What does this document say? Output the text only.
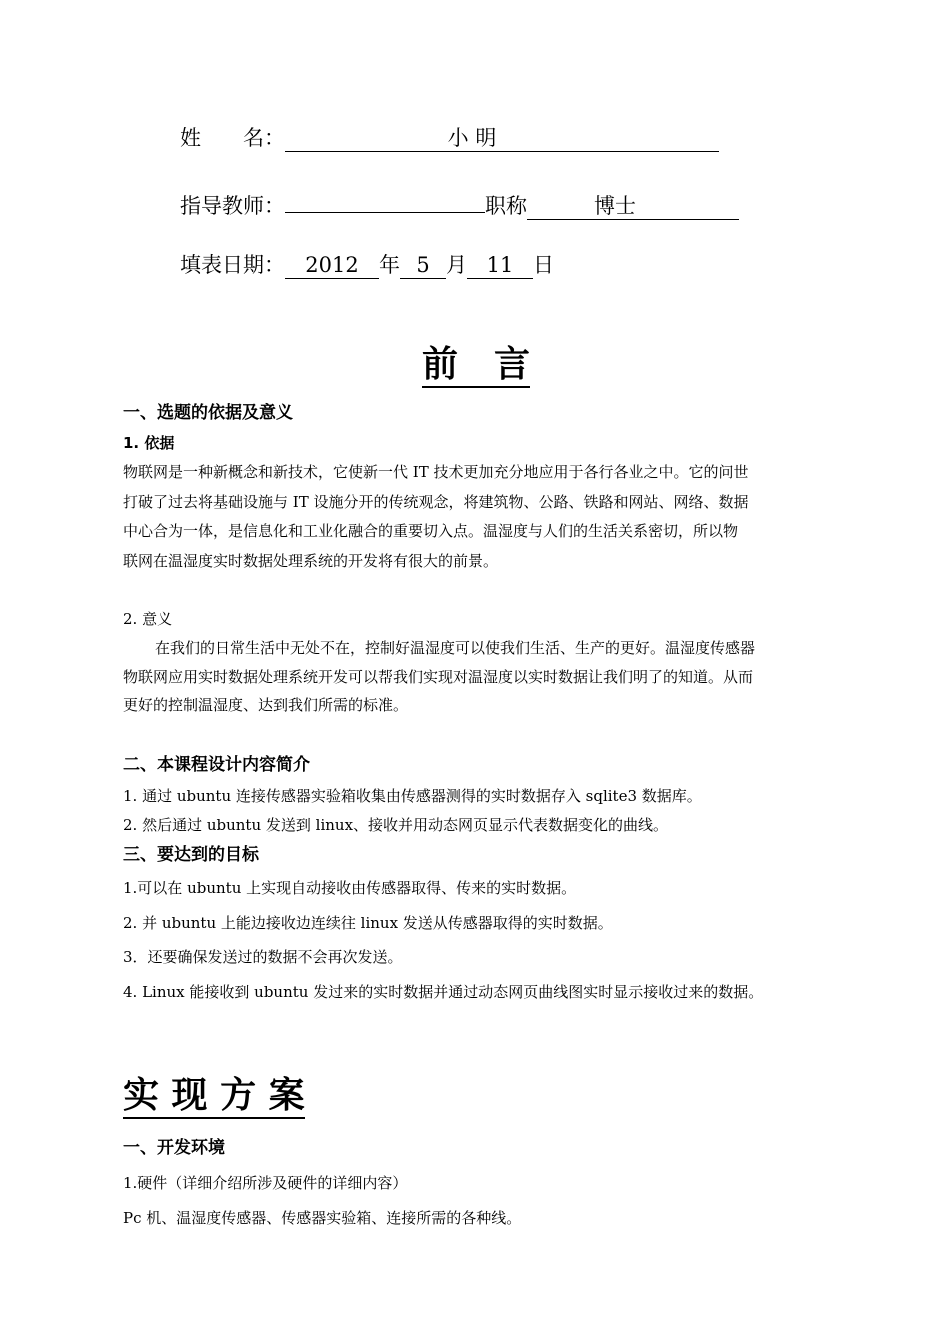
姓　　名：	小 明
指导教师：	职称	博士
填表日期： 2012 年 5 月 11 日
前　言
一、选题的依据及意义
1. 依据
物联网是一种新概念和新技术，它使新一代 IT 技术更加充分地应用于各行各业之中。它的问世
打破了过去将基础设施与 IT 设施分开的传统观念，将建筑物、公路、铁路和网站、网络、数据
中心合为一体，是信息化和工业化融合的重要切入点。温湿度与人们的生活关系密切，所以物
联网在温湿度实时数据处理系统的开发将有很大的前景。
2. 意义
在我们的日常生活中无处不在，控制好温湿度可以使我们生活、生产的更好。温湿度传感器
物联网应用实时数据处理系统开发可以帮我们实现对温湿度以实时数据让我们明了的知道。从而
更好的控制温湿度、达到我们所需的标准。
二、本课程设计内容简介
1. 通过 ubuntu 连接传感器实验箱收集由传感器测得的实时数据存入 sqlite3 数据库。
2. 然后通过 ubuntu 发送到 linux、接收并用动态网页显示代表数据变化的曲线。
三、要达到的目标
1.可以在 ubuntu 上实现自动接收由传感器取得、传来的实时数据。
2. 并 ubuntu 上能边接收边连续往 linux 发送从传感器取得的实时数据。
3．还要确保发送过的数据不会再次发送。
4. Linux 能接收到 ubuntu 发过来的实时数据并通过动态网页曲线图实时显示接收过来的数据。
实 现 方 案
一、开发环境
1.硬件（详细介绍所涉及硬件的详细内容）
Pc 机、温湿度传感器、传感器实验箱、连接所需的各种线。
